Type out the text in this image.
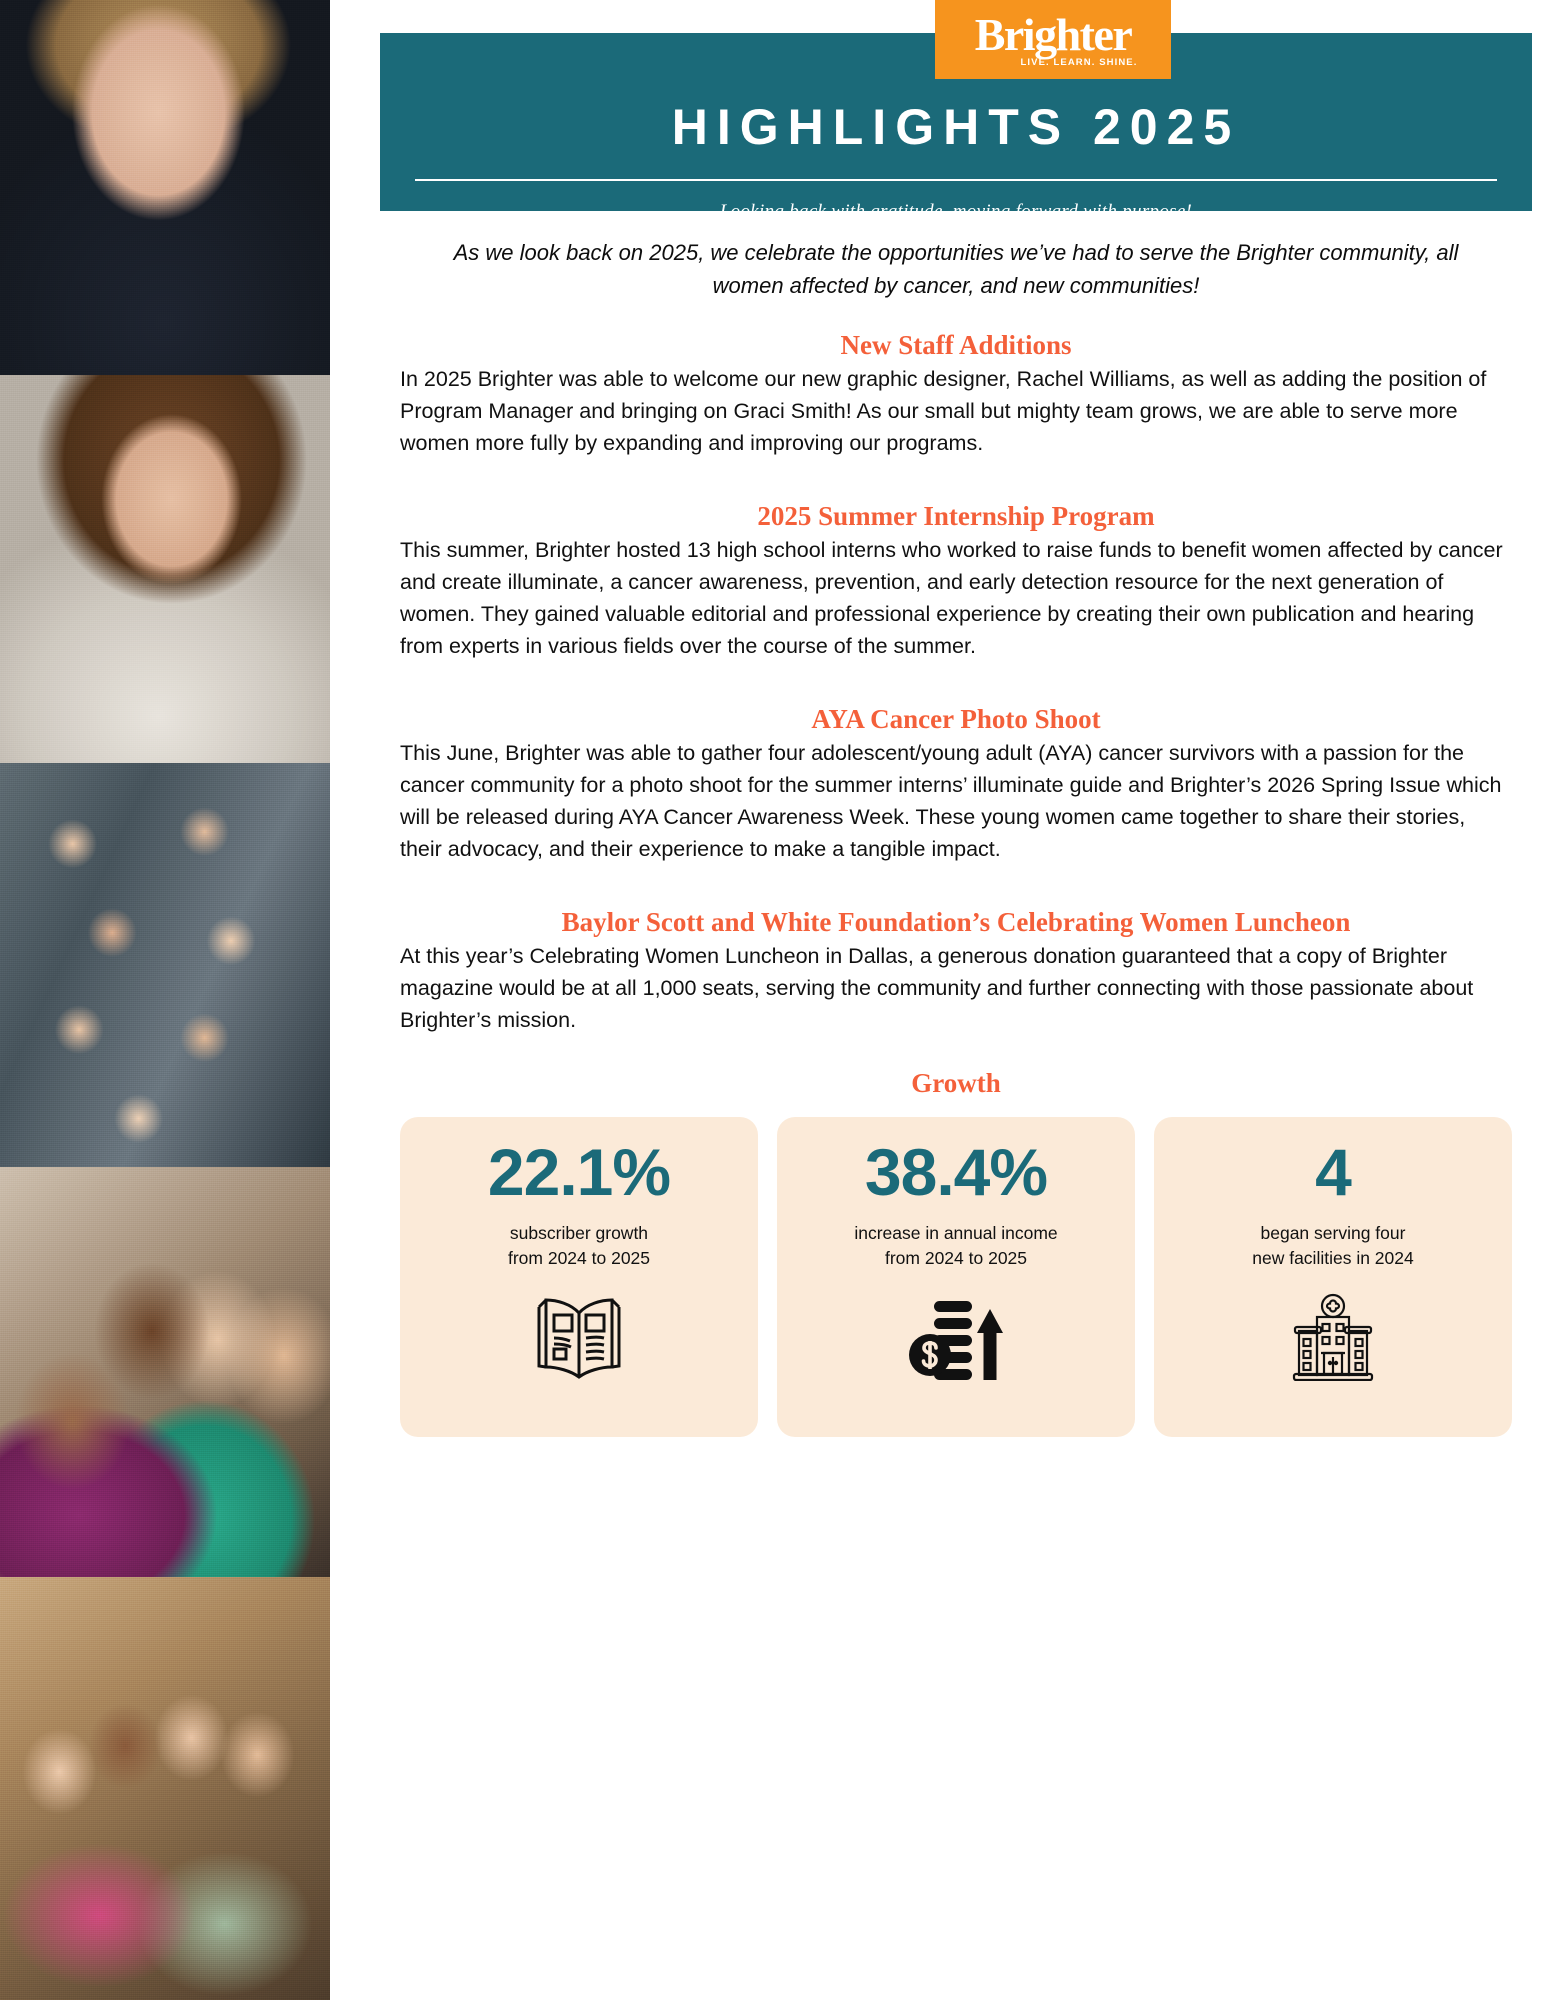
HIGHLIGHTS 2025
Looking back with gratitude, moving forward with purpose!
Brighter
LIVE. LEARN. SHINE.
As we look back on 2025, we celebrate the opportunities we’ve had to serve the Brighter community, all women affected by cancer, and new communities!
New Staff Additions
In 2025 Brighter was able to welcome our new graphic designer, Rachel Williams, as well as adding the position of Program Manager and bringing on Graci Smith! As our small but mighty team grows, we are able to serve more women more fully by expanding and improving our programs.
2025 Summer Internship Program
This summer, Brighter hosted 13 high school interns who worked to raise funds to benefit women affected by cancer and create illuminate, a cancer awareness, prevention, and early detection resource for the next generation of women. They gained valuable editorial and professional experience by creating their own publication and hearing from experts in various fields over the course of the summer.
AYA Cancer Photo Shoot
This June, Brighter was able to gather four adolescent/young adult (AYA) cancer survivors with a passion for the cancer community for a photo shoot for the summer interns’ illuminate guide and Brighter’s 2026 Spring Issue which will be released during AYA Cancer Awareness Week. These young women came together to share their stories, their advocacy, and their experience to make a tangible impact.
Baylor Scott and White Foundation’s Celebrating Women Luncheon
At this year’s Celebrating Women Luncheon in Dallas, a generous donation guaranteed that a copy of Brighter magazine would be at all 1,000 seats, serving the community and further connecting with those passionate about Brighter’s mission.
Growth
22.1%
subscriber growth
from 2024 to 2025
38.4%
increase in annual income
from 2024 to 2025
4
began serving four
new facilities in 2024
